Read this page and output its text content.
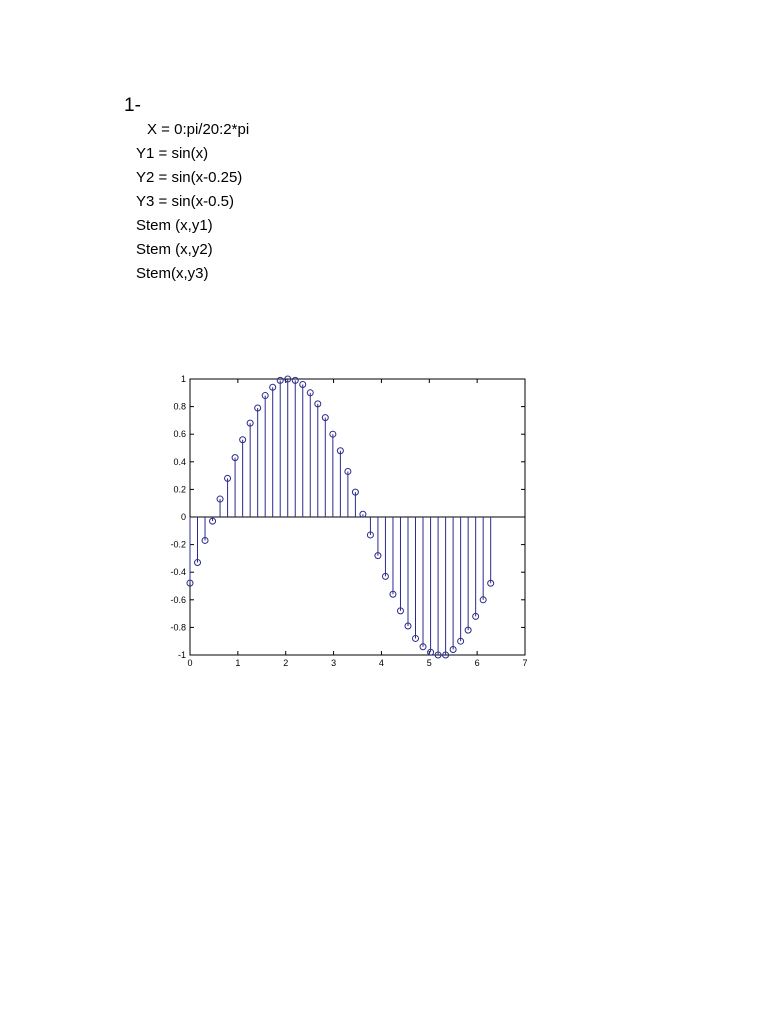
1-
X = 0:pi/20:2*pi
Y1 = sin(x)
Y2 = sin(x-0.25)
Y3 = sin(x-0.5)
Stem (x,y1)
Stem (x,y2)
Stem(x,y3)
-1
-0.8
-0.6
-0.4
-0.2
0
0.2
0.4
0.6
0.8
1
0	1	2	3	4	5	6	7
